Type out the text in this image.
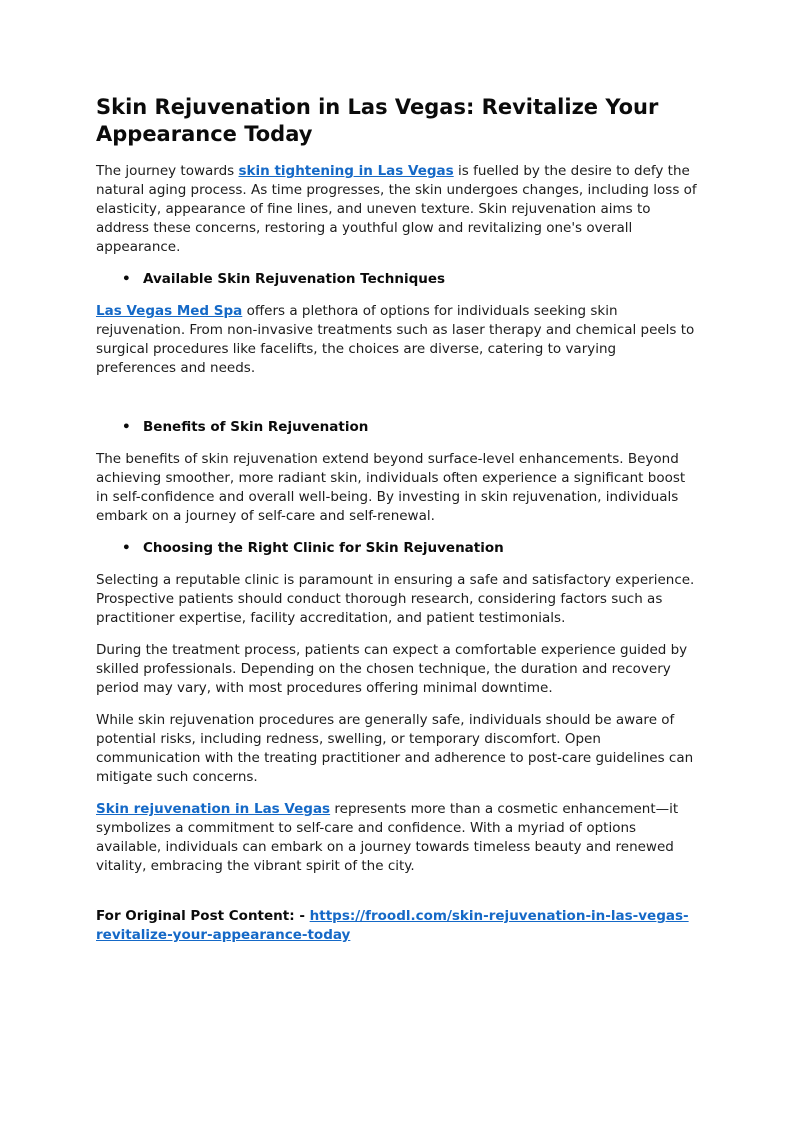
Skin Rejuvenation in Las Vegas: Revitalize Your Appearance Today

The journey towards skin tightening in Las Vegas is fuelled by the desire to defy the natural aging process. As time progresses, the skin undergoes changes, including loss of elasticity, appearance of fine lines, and uneven texture. Skin rejuvenation aims to address these concerns, restoring a youthful glow and revitalizing one's overall appearance.

• Available Skin Rejuvenation Techniques

Las Vegas Med Spa offers a plethora of options for individuals seeking skin rejuvenation. From non-invasive treatments such as laser therapy and chemical peels to surgical procedures like facelifts, the choices are diverse, catering to varying preferences and needs.

• Benefits of Skin Rejuvenation

The benefits of skin rejuvenation extend beyond surface-level enhancements. Beyond achieving smoother, more radiant skin, individuals often experience a significant boost in self-confidence and overall well-being. By investing in skin rejuvenation, individuals embark on a journey of self-care and self-renewal.

• Choosing the Right Clinic for Skin Rejuvenation

Selecting a reputable clinic is paramount in ensuring a safe and satisfactory experience. Prospective patients should conduct thorough research, considering factors such as practitioner expertise, facility accreditation, and patient testimonials.

During the treatment process, patients can expect a comfortable experience guided by skilled professionals. Depending on the chosen technique, the duration and recovery period may vary, with most procedures offering minimal downtime.

While skin rejuvenation procedures are generally safe, individuals should be aware of potential risks, including redness, swelling, or temporary discomfort. Open communication with the treating practitioner and adherence to post-care guidelines can mitigate such concerns.

Skin rejuvenation in Las Vegas represents more than a cosmetic enhancement—it symbolizes a commitment to self-care and confidence. With a myriad of options available, individuals can embark on a journey towards timeless beauty and renewed vitality, embracing the vibrant spirit of the city.

For Original Post Content: - https://froodl.com/skin-rejuvenation-in-las-vegas-revitalize-your-appearance-today
